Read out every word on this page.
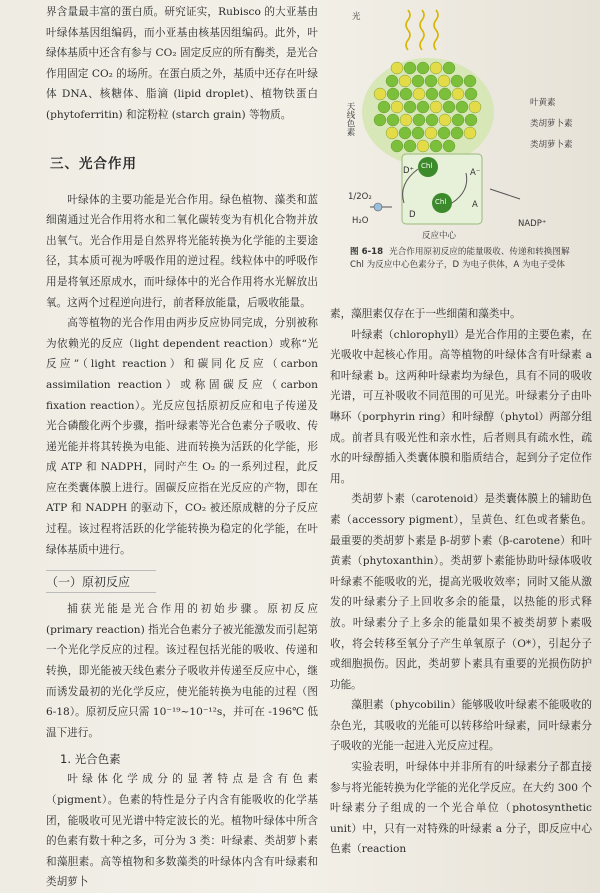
界含量最丰富的蛋白质。研究证实，Rubisco 的大亚基由叶绿体基因组编码，而小亚基由核基因组编码。此外，叶绿体基质中还含有参与 CO₂ 固定反应的所有酶类，是光合作用固定 CO₂ 的场所。在蛋白质之外，基质中还存在叶绿体 DNA、核糖体、脂滴 (lipid droplet)、植物铁蛋白 (phytoferritin) 和淀粉粒 (starch grain) 等物质。

三、光合作用

叶绿体的主要功能是光合作用。绿色植物、藻类和蓝细菌通过光合作用将水和二氧化碳转变为有机化合物并放出氧气。光合作用是自然界将光能转换为化学能的主要途径，其本质可视为呼吸作用的逆过程。线粒体中的呼吸作用是将氧还原成水，而叶绿体中的光合作用将水光解放出氧。这两个过程逆向进行，前者释放能量，后吸收能量。

高等植物的光合作用由两步反应协同完成，分别被称为依赖光的反应（light dependent reaction）或称“光反应”（light reaction）和碳同化反应（carbon assimilation reaction）或称固碳反应（carbon fixation reaction）。光反应包括原初反应和电子传递及光合磷酸化两个步骤，指叶绿素等光合色素分子吸收、传递光能并将其转换为电能、进而转换为活跃的化学能，形成 ATP 和 NADPH，同时产生 O₂ 的一系列过程，此反应在类囊体膜上进行。固碳反应指在光反应的产物，即在 ATP 和 NADPH 的驱动下，CO₂ 被还原成糖的分子反应过程。该过程将活跃的化学能转换为稳定的化学能，在叶绿体基质中进行。

（一）原初反应

捕获光能是光合作用的初始步骤。原初反应 (primary reaction) 指光合色素分子被光能激发而引起第一个光化学反应的过程。该过程包括光能的吸收、传递和转换，即光能被天线色素分子吸收并传递至反应中心，继而诱发最初的光化学反应，使光能转换为电能的过程（图 6-18）。原初反应只需 10⁻¹⁹~10⁻¹²s，并可在 -196℃ 低温下进行。

1. 光合色素

叶绿体化学成分的显著特点是含有色素（pigment）。色素的特性是分子内含有能吸收的化学基团，能吸收可见光谱中特定波长的光。植物叶绿体中所含的色素有数十种之多，可分为 3 类：叶绿素、类胡萝卜素和藻胆素。高等植物和多数藻类的叶绿体内含有叶绿素和类胡萝卜

光
天线色素	叶黄素
类胡萝卜素
类胡萝卜素
Chl
Chl
D⁺	A⁻
D
A
1/2O₂
H₂O	NADP⁺
反应中心
图 6-18 光合作用原初反应的能量吸收、传递和转换图解
Chl 为反应中心色素分子，D 为电子供体，A 为电子受体

素，藻胆素仅存在于一些细菌和藻类中。

叶绿素（chlorophyll）是光合作用的主要色素，在光吸收中起核心作用。高等植物的叶绿体含有叶绿素 a 和叶绿素 b。这两种叶绿素均为绿色，具有不同的吸收光谱，可互补吸收不同范围的可见光。叶绿素分子由卟啉环（porphyrin ring）和叶绿醇（phytol）两部分组成。前者具有吸光性和亲水性，后者则具有疏水性，疏水的叶绿醇插入类囊体膜和脂质结合，起到分子定位作用。

类胡萝卜素（carotenoid）是类囊体膜上的辅助色素（accessory pigment），呈黄色、红色或者紫色。最重要的类胡萝卜素是 β-胡萝卜素（β-carotene）和叶黄素（phytoxanthin）。类胡萝卜素能协助叶绿体吸收叶绿素不能吸收的光，提高光吸收效率；同时又能从激发的叶绿素分子上回收多余的能量，以热能的形式释放。叶绿素分子上多余的能量如果不被类胡萝卜素吸收，将会转移至氧分子产生单氧原子（O*），引起分子或细胞损伤。因此，类胡萝卜素具有重要的光损伤防护功能。

藻胆素（phycobilin）能够吸收叶绿素不能吸收的杂色光，其吸收的光能可以转移给叶绿素，同叶绿素分子吸收的光能一起进入光反应过程。

实验表明，叶绿体中并非所有的叶绿素分子都直接参与将光能转换为化学能的光化学反应。在大约 300 个叶绿素分子组成的一个光合单位（photosynthetic unit）中，只有一对特殊的叶绿素 a 分子，即反应中心色素（reaction
